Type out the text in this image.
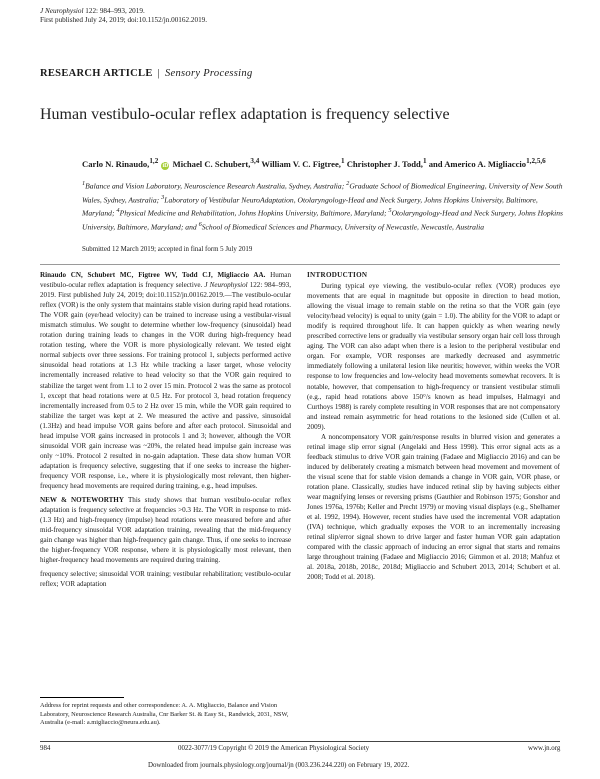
J Neurophysiol 122: 984–993, 2019.
First published July 24, 2019; doi:10.1152/jn.00162.2019.
RESEARCH ARTICLE | Sensory Processing
Human vestibulo-ocular reflex adaptation is frequency selective
Carlo N. Rinaudo,$^{1,2}$ iD Michael C. Schubert,$^{3,4}$ William V. C. Figtree,$^1$ Christopher J. Todd,$^1$ and Americo A. Migliaccio$^{1,2,5,6}$
$^1$Balance and Vision Laboratory, Neuroscience Research Australia, Sydney, Australia; $^2$Graduate School of Biomedical Engineering, University of New South Wales, Sydney, Australia; $^3$Laboratory of Vestibular NeuroAdaptation, Otolaryngology-Head and Neck Surgery, Johns Hopkins University, Baltimore, Maryland; $^4$Physical Medicine and Rehabilitation, Johns Hopkins University, Baltimore, Maryland; $^5$Otolaryngology-Head and Neck Surgery, Johns Hopkins University, Baltimore, Maryland; and $^6$School of Biomedical Sciences and Pharmacy, University of Newcastle, Newcastle, Australia
Submitted 12 March 2019; accepted in final form 5 July 2019

Rinaudo CN, Schubert MC, Figtree WV, Todd CJ, Migliaccio AA. Human vestibulo-ocular reflex adaptation is frequency selective. J Neurophysiol 122: 984–993, 2019. First published July 24, 2019; doi:10.1152/jn.00162.2019.—The vestibulo-ocular reflex (VOR) is the only system that maintains stable vision during rapid head rotations. The VOR gain (eye/head velocity) can be trained to increase using a vestibular-visual mismatch stimulus. We sought to determine whether low-frequency (sinusoidal) head rotation during training leads to changes in the VOR during high-frequency head rotation testing, where the VOR is more physiologically relevant. We tested eight normal subjects over three sessions. For training protocol 1, subjects performed active sinusoidal head rotations at 1.3 Hz while tracking a laser target, whose velocity incrementally increased relative to head velocity so that the VOR gain required to stabilize the target went from 1.1 to 2 over 15 min. Protocol 2 was the same as protocol 1, except that head rotations were at 0.5 Hz. For protocol 3, head rotation frequency incrementally increased from 0.5 to 2 Hz over 15 min, while the VOR gain required to stabilize the target was kept at 2. We measured the active and passive, sinusoidal (1.3Hz) and head impulse VOR gains before and after each protocol. Sinusoidal and head impulse VOR gains increased in protocols 1 and 3; however, although the VOR sinusoidal VOR gain increase was ~20%, the related head impulse gain increase was only ~10%. Protocol 2 resulted in no-gain adaptation. These data show human VOR adaptation is frequency selective, suggesting that if one seeks to increase the higher-frequency VOR response, i.e., where it is physiologically most relevant, then higher-frequency head movements are required during training, e.g., head impulses.

NEW & NOTEWORTHY This study shows that human vestibulo-ocular reflex adaptation is frequency selective at frequencies >0.3 Hz. The VOR in response to mid- (1.3 Hz) and high-frequency (impulse) head rotations were measured before and after mid-frequency sinusoidal VOR adaptation training, revealing that the mid-frequency gain change was higher than high-frequency gain change. Thus, if one seeks to increase the higher-frequency VOR response, where it is physiologically most relevant, then higher-frequency head movements are required during training.

frequency selective; sinusoidal VOR training; vestibular rehabilitation; vestibulo-ocular reflex; VOR adaptation

Address for reprint requests and other correspondence: A. A. Migliaccio, Balance and Vision Laboratory, Neuroscience Research Australia, Cnr Barker St. & Easy St., Randwick, 2031, NSW, Australia (e-mail: a.migliaccio@neura.edu.au).

INTRODUCTION

During typical eye viewing, the vestibulo-ocular reflex (VOR) produces eye movements that are equal in magnitude but opposite in direction to head motion, allowing the visual image to remain stable on the retina so that the VOR gain (eye velocity/head velocity) is equal to unity (gain = 1.0). The ability for the VOR to adapt or modify is required throughout life. It can happen quickly as when wearing newly prescribed corrective lens or gradually via vestibular sensory organ hair cell loss through aging. The VOR can also adapt when there is a lesion to the peripheral vestibular end organ. For example, VOR responses are markedly decreased and asymmetric immediately following a unilateral lesion like neuritis; however, within weeks the VOR response to low frequencies and low-velocity head movements somewhat recovers. It is notable, however, that compensation to high-frequency or transient vestibular stimuli (e.g., rapid head rotations above 150°/s known as head impulses, Halmagyi and Curthoys 1988) is rarely complete resulting in VOR responses that are not compensatory and instead remain asymmetric for head rotations to the lesioned side (Cullen et al. 2009).

A noncompensatory VOR gain/response results in blurred vision and generates a retinal image slip error signal (Angelaki and Hess 1998). This error signal acts as a feedback stimulus to drive VOR gain training (Fadaee and Migliaccio 2016) and can be induced by deliberately creating a mismatch between head movement and movement of the visual scene that for stable vision demands a change in VOR gain, VOR phase, or rotation plane. Classically, studies have induced retinal slip by having subjects either wear magnifying lenses or reversing prisms (Gauthier and Robinson 1975; Gonshor and Jones 1976a, 1976b; Keller and Precht 1979) or moving visual displays (e.g., Shelhamer et al. 1992, 1994). However, recent studies have used the incremental VOR adaptation (IVA) technique, which gradually exposes the VOR to an incrementally increasing retinal slip/error signal shown to drive larger and faster human VOR gain adaptation compared with the classic approach of inducing an error signal that starts and remains large throughout training (Fadaee and Migliaccio 2016; Gimmon et al. 2018; Mahfuz et al. 2018a, 2018b, 2018c, 2018d; Migliaccio and Schubert 2013, 2014; Schubert et al. 2008; Todd et al. 2018).

984	0022-3077/19 Copyright © 2019 the American Physiological Society	www.jn.org
Downloaded from journals.physiology.org/journal/jn (003.236.244.220) on February 19, 2022.
